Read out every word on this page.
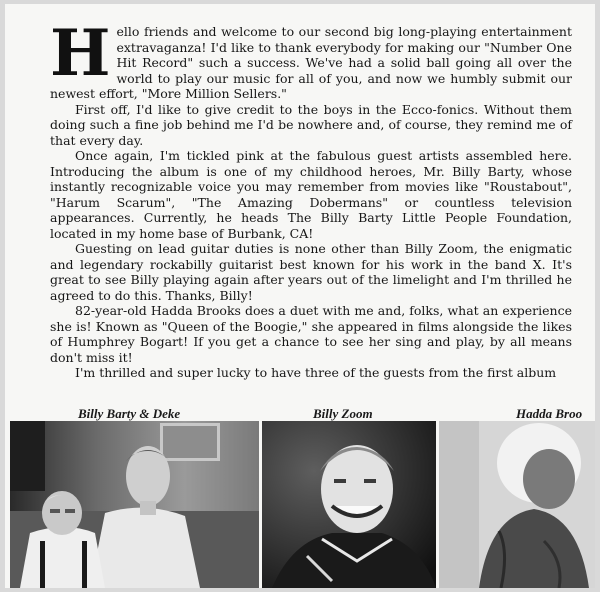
Hello friends and welcome to our second big long-playing entertainment extravaganza! I'd like to thank everybody for making our "Number One Hit Record" such a success. We've had a solid ball going all over the world to play our music for all of you, and now we humbly submit our newest effort, "More Million Sellers."

First off, I'd like to give credit to the boys in the Ecco-fonics. Without them doing such a fine job behind me I'd be nowhere and, of course, they remind me of that every day.

Once again, I'm tickled pink at the fabulous guest artists assembled here. Introducing the album is one of my childhood heroes, Mr. Billy Barty, whose instantly recognizable voice you may remember from movies like "Roustabout", "Harum Scarum", "The Amazing Dobermans" or countless television appearances. Currently, he heads The Billy Barty Little People Foundation, located in my home base of Burbank, CA!

Guesting on lead guitar duties is none other than Billy Zoom, the enigmatic and legendary rockabilly guitarist best known for his work in the band X. It's great to see Billy playing again after years out of the limelight and I'm thrilled he agreed to do this. Thanks, Billy!

82-year-old Hadda Brooks does a duet with me and, folks, what an experience she is! Known as "Queen of the Boogie," she appeared in films alongside the likes of Humphrey Bogart! If you get a chance to see her sing and play, by all means don't miss it!

I'm thrilled and super lucky to have three of the guests from the first album

Billy Barty & Deke	Billy Zoom	Hadda Broo
